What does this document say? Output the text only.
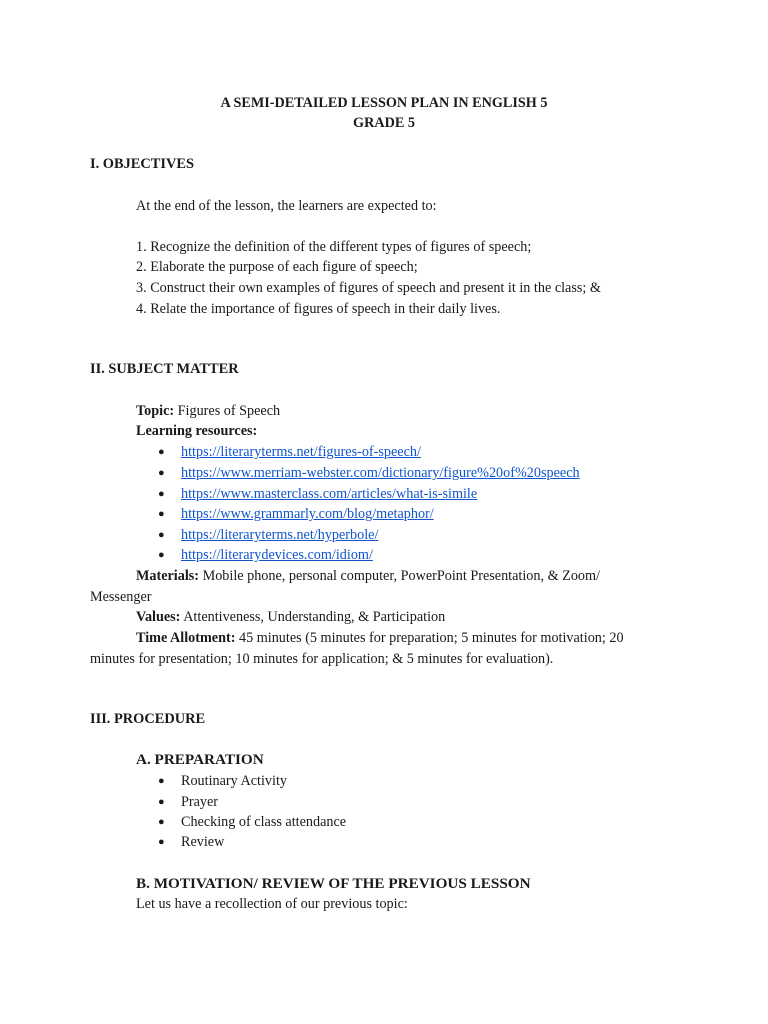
A SEMI-DETAILED LESSON PLAN IN ENGLISH 5
GRADE 5
I. OBJECTIVES
At the end of the lesson, the learners are expected to:
1. Recognize the definition of the different types of figures of speech;
2. Elaborate the purpose of each figure of speech;
3. Construct their own examples of figures of speech and present it in the class; &
4. Relate the importance of figures of speech in their daily lives.
II. SUBJECT MATTER
Topic: Figures of Speech
Learning resources:
● https://literaryterms.net/figures-of-speech/
● https://www.merriam-webster.com/dictionary/figure%20of%20speech
● https://www.masterclass.com/articles/what-is-simile
● https://www.grammarly.com/blog/metaphor/
● https://literaryterms.net/hyperbole/
● https://literarydevices.com/idiom/
Materials: Mobile phone, personal computer, PowerPoint Presentation, & Zoom/
Messenger
Values: Attentiveness, Understanding, & Participation
Time Allotment: 45 minutes (5 minutes for preparation; 5 minutes for motivation; 20
minutes for presentation; 10 minutes for application; & 5 minutes for evaluation).
III. PROCEDURE
A. PREPARATION
● Routinary Activity
● Prayer
● Checking of class attendance
● Review
B. MOTIVATION/ REVIEW OF THE PREVIOUS LESSON
Let us have a recollection of our previous topic:
